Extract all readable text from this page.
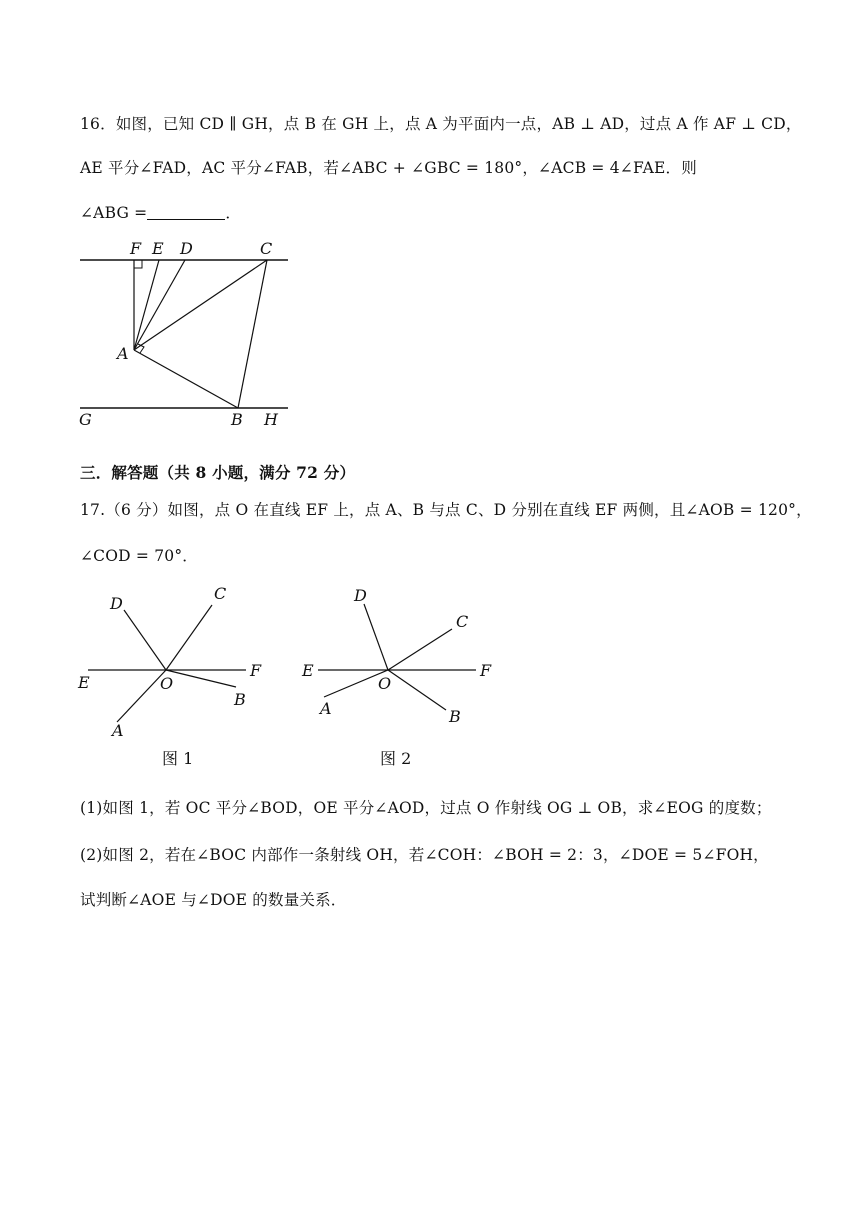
16．如图，已知 CD ∥ GH，点 B 在 GH 上，点 A 为平面内一点，AB ⊥ AD，过点 A 作 AF ⊥ CD，
AE 平分∠FAD，AC 平分∠FAB，若∠ABC + ∠GBC = 180°，∠ACB = 4∠FAE．则
∠ABG =	．
F E D	C
A
G	B H
三．解答题（共 8 小题，满分 72 分）
17.（6 分）如图，点 O 在直线 EF 上，点 A、B 与点 C、D 分别在直线 EF 两侧，且∠AOB = 120°，
∠COD = 70°．
D
C
E	O
F
B
A
图 1
D
C
E
O
F
A	B
图 2
(1)如图 1，若 OC 平分∠BOD，OE 平分∠AOD，过点 O 作射线 OG ⊥ OB，求∠EOG 的度数；
(2)如图 2，若在∠BOC 内部作一条射线 OH，若∠COH：∠BOH = 2：3，∠DOE = 5∠FOH，
试判断∠AOE 与∠DOE 的数量关系．
